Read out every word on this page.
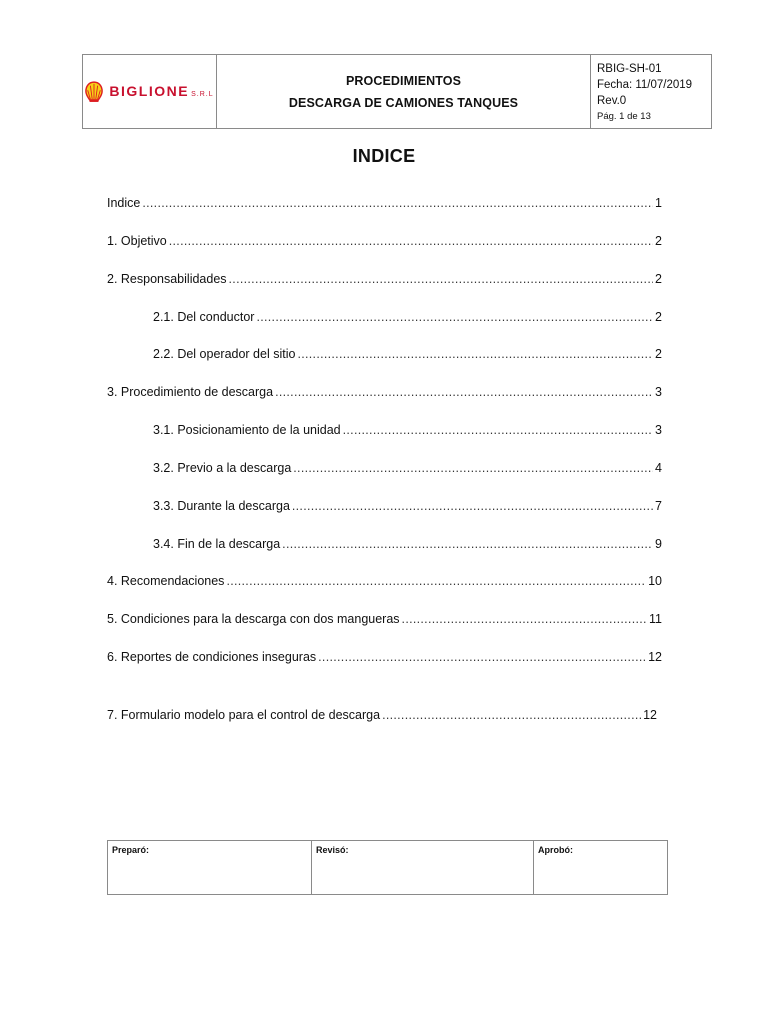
BIGLIONE S.R.L
PROCEDIMIENTOS
DESCARGA DE CAMIONES TANQUES
RBIG-SH-01
Fecha: 11/07/2019
Rev.0
Pág. 1 de 13
INDICE
Indice .....	1
1. Objetivo .....	2
2. Responsabilidades .....	2
2.1. Del conductor .....	2
2.2. Del operador del sitio .....	2
3. Procedimiento de descarga .....	3
3.1. Posicionamiento de la unidad .....	3
3.2. Previo a la descarga .....	4
3.3. Durante la descarga .....	7
3.4. Fin de la descarga .....	9
4. Recomendaciones .....	10
5. Condiciones para la descarga con dos mangueras .....	11
6. Reportes de condiciones inseguras .....	12
7. Formulario modelo para el control de descarga .....	12
Preparó:	Revisó:	Aprobó:
